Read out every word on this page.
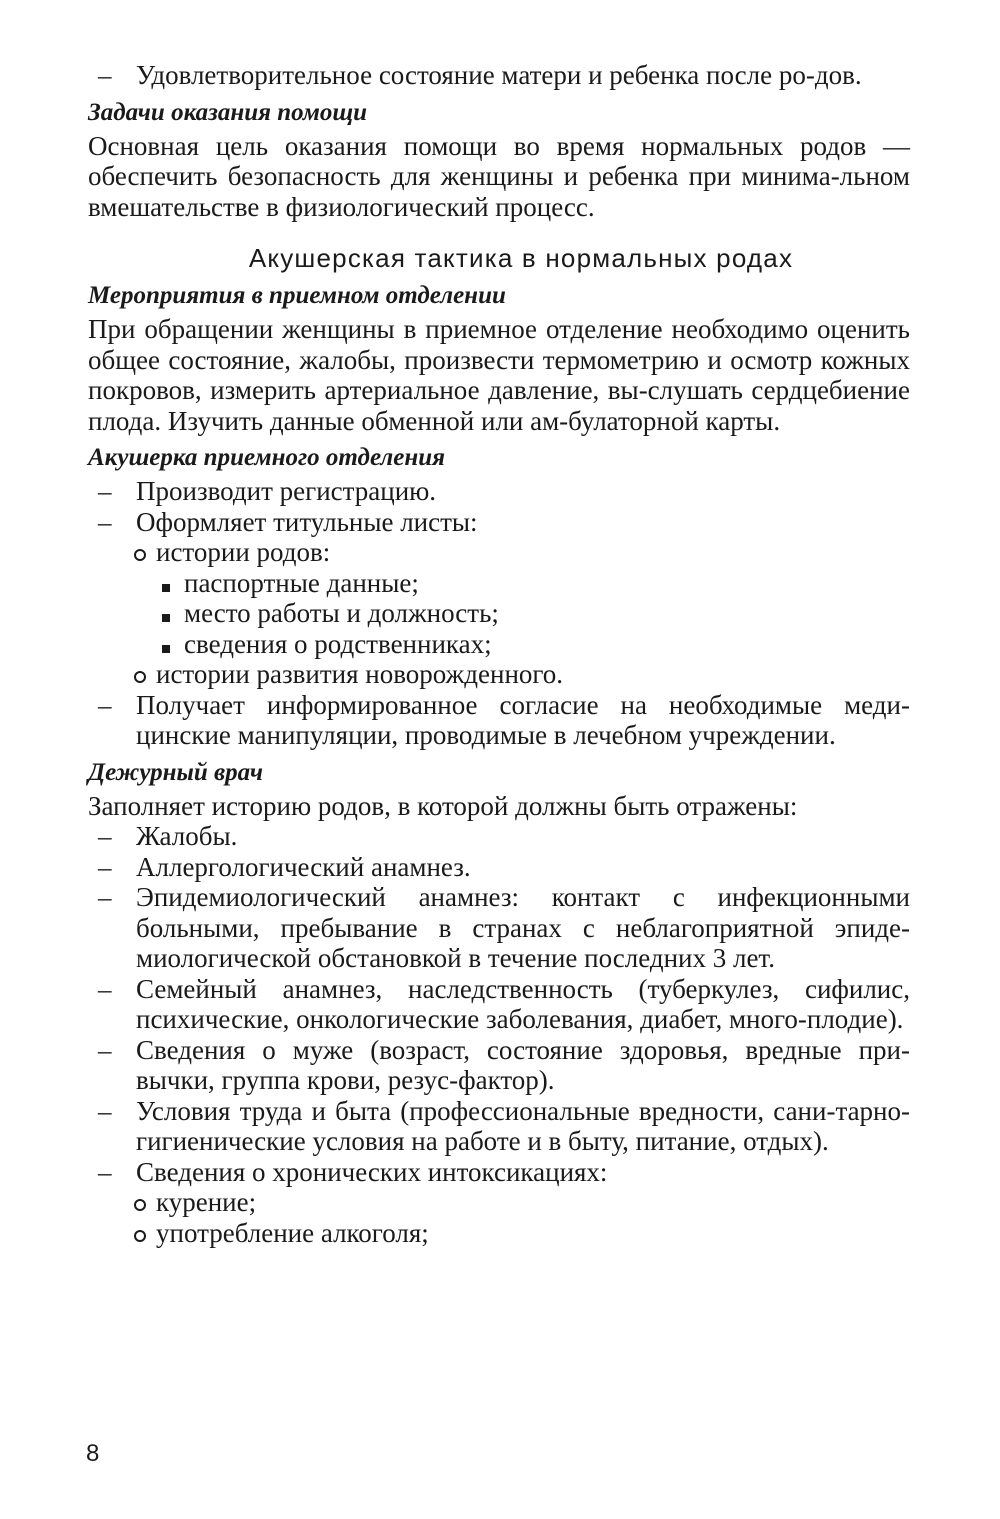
– Удовлетворительное состояние матери и ребенка после ро-дов.
Задачи оказания помощи

Основная цель оказания помощи во время нормальных родов — обеспечить безопасность для женщины и ребенка при минима-льном вмешательстве в физиологический процесс.

Акушерская тактика в нормальных родах
Мероприятия в приемном отделении

При обращении женщины в приемное отделение необходимо оценить общее состояние, жалобы, произвести термометрию и осмотр кожных покровов, измерить артериальное давление, вы-слушать сердцебиение плода. Изучить данные обменной или ам-булаторной карты.

Акушерка приемного отделения
– Производит регистрацию.
– Оформляет титульные листы:
истории родов:
паспортные данные;
место работы и должность;
сведения о родственниках;
истории развития новорожденного.
– Получает информированное согласие на необходимые меди-цинские манипуляции, проводимые в лечебном учреждении.
Дежурный врач

Заполняет историю родов, в которой должны быть отражены:

– Жалобы.
– Аллергологический анамнез.
– Эпидемиологический анамнез: контакт с инфекционными больными, пребывание в странах с неблагоприятной эпиде-миологической обстановкой в течение последних 3 лет.
– Семейный анамнез, наследственность (туберкулез, сифилис, психические, онкологические заболевания, диабет, много-плодие).
– Сведения о муже (возраст, состояние здоровья, вредные при-вычки, группа крови, резус-фактор).
– Условия труда и быта (профессиональные вредности, сани-тарно-гигиенические условия на работе и в быту, питание, отдых).
– Сведения о хронических интоксикациях:
курение;
употребление алкоголя;
8
